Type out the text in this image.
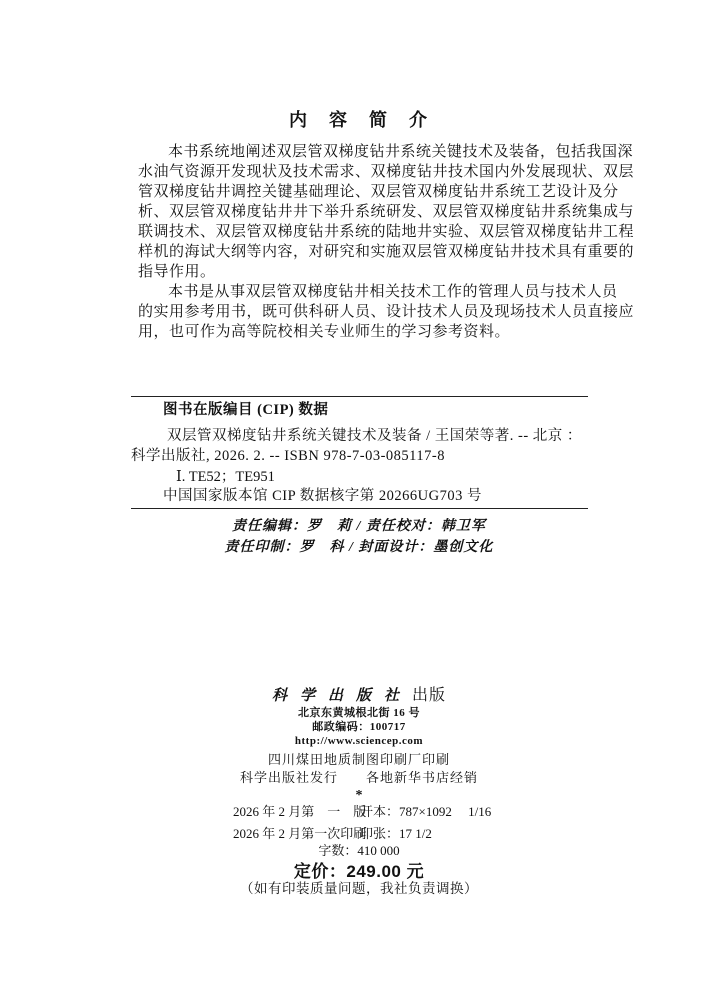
内　容　简　介
本书系统地阐述双层管双梯度钻井系统关键技术及装备，包括我国深
水油气资源开发现状及技术需求、双梯度钻井技术国内外发展现状、双层
管双梯度钻井调控关键基础理论、双层管双梯度钻井系统工艺设计及分
析、双层管双梯度钻井井下举升系统研发、双层管双梯度钻井系统集成与
联调技术、双层管双梯度钻井系统的陆地井实验、双层管双梯度钻井工程
样机的海试大纲等内容，对研究和实施双层管双梯度钻井技术具有重要的
指导作用。
本书是从事双层管双梯度钻井相关技术工作的管理人员与技术人员
的实用参考用书，既可供科研人员、设计技术人员及现场技术人员直接应
用，也可作为高等院校相关专业师生的学习参考资料。
图书在版编目 (CIP) 数据
双层管双梯度钻井系统关键技术及装备 / 王国荣等著. -- 北京 ：
科学出版社, 2026. 2. -- ISBN 978-7-03-085117-8
Ⅰ. TE52；TE951
中国国家版本馆 CIP 数据核字第 20266UG703 号
责任编辑：罗　莉 / 责任校对：韩卫军
责任印制：罗　科 / 封面设计：墨创文化
科学出版社出版
北京东黄城根北街 16 号
邮政编码：100717
http://www.sciencep.com
四川煤田地质制图印刷厂印刷
科学出版社发行　　各地新华书店经销
*
2026 年 2 月第　一　版
开本：787×1092　 1/16
2026 年 2 月第一次印刷
印张：17 1/2
字数：410 000
定价：249.00 元
（如有印装质量问题，我社负责调换）
